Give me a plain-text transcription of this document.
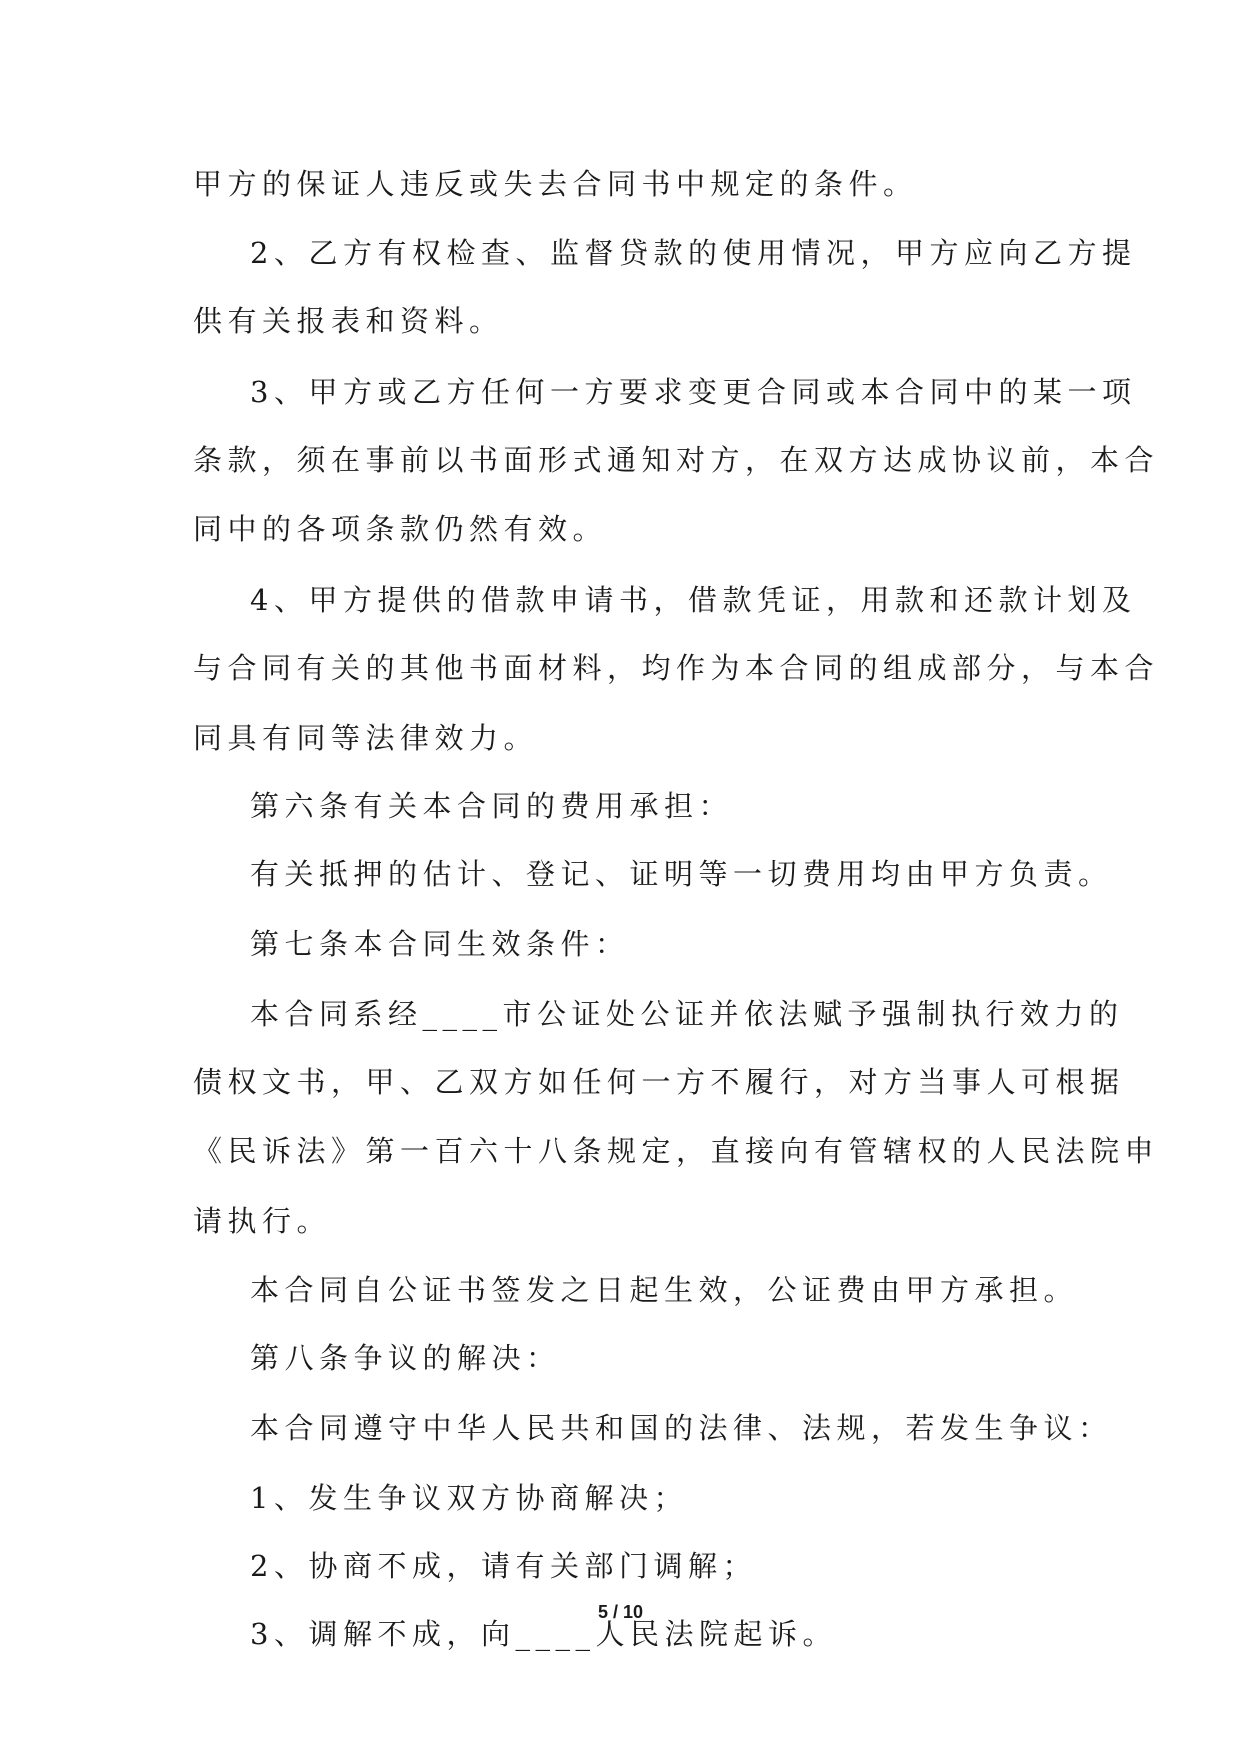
甲方的保证人违反或失去合同书中规定的条件。
2、乙方有权检查、监督贷款的使用情况，甲方应向乙方提
供有关报表和资料。
3、甲方或乙方任何一方要求变更合同或本合同中的某一项
条款，须在事前以书面形式通知对方，在双方达成协议前，本合
同中的各项条款仍然有效。
4、甲方提供的借款申请书，借款凭证，用款和还款计划及
与合同有关的其他书面材料，均作为本合同的组成部分，与本合
同具有同等法律效力。
第六条有关本合同的费用承担：
有关抵押的估计、登记、证明等一切费用均由甲方负责。
第七条本合同生效条件：
本合同系经____市公证处公证并依法赋予强制执行效力的
债权文书，甲、乙双方如任何一方不履行，对方当事人可根据
《民诉法》第一百六十八条规定，直接向有管辖权的人民法院申
请执行。
本合同自公证书签发之日起生效，公证费由甲方承担。
第八条争议的解决：
本合同遵守中华人民共和国的法律、法规，若发生争议：
1、发生争议双方协商解决；
2、协商不成，请有关部门调解；
3、调解不成，向____人民法院起诉。
5 / 10
